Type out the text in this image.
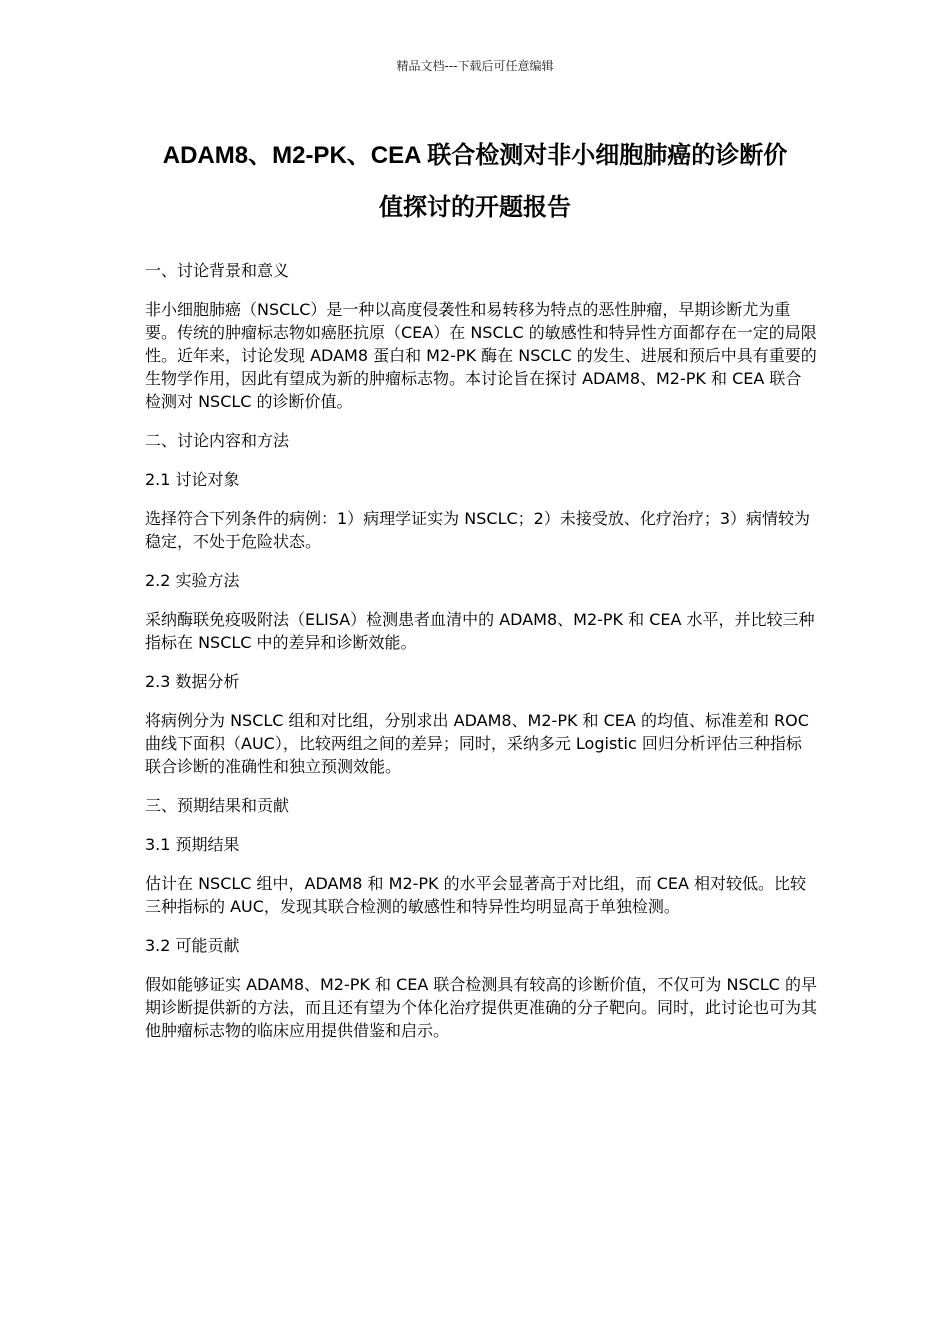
精品文档---下载后可任意编辑
ADAM8、M2-PK、CEA 联合检测对非小细胞肺癌的诊断价
值探讨的开题报告

一、讨论背景和意义

非小细胞肺癌（NSCLC）是一种以高度侵袭性和易转移为特点的恶性肿瘤，早期诊断尤为重要。传统的肿瘤标志物如癌胚抗原（CEA）在 NSCLC 的敏感性和特异性方面都存在一定的局限性。近年来，讨论发现 ADAM8 蛋白和 M2-PK 酶在 NSCLC 的发生、进展和预后中具有重要的生物学作用，因此有望成为新的肿瘤标志物。本讨论旨在探讨 ADAM8、M2-PK 和 CEA 联合检测对 NSCLC 的诊断价值。

二、讨论内容和方法

2.1 讨论对象

选择符合下列条件的病例：1）病理学证实为 NSCLC；2）未接受放、化疗治疗；3）病情较为稳定，不处于危险状态。

2.2 实验方法

采纳酶联免疫吸附法（ELISA）检测患者血清中的 ADAM8、M2-PK 和 CEA 水平，并比较三种指标在 NSCLC 中的差异和诊断效能。

2.3 数据分析

将病例分为 NSCLC 组和对比组，分别求出 ADAM8、M2-PK 和 CEA 的均值、标准差和 ROC 曲线下面积（AUC），比较两组之间的差异；同时，采纳多元 Logistic 回归分析评估三种指标联合诊断的准确性和独立预测效能。

三、预期结果和贡献

3.1 预期结果

估计在 NSCLC 组中，ADAM8 和 M2-PK 的水平会显著高于对比组，而 CEA 相对较低。比较三种指标的 AUC，发现其联合检测的敏感性和特异性均明显高于单独检测。

3.2 可能贡献

假如能够证实 ADAM8、M2-PK 和 CEA 联合检测具有较高的诊断价值，不仅可为 NSCLC 的早期诊断提供新的方法，而且还有望为个体化治疗提供更准确的分子靶向。同时，此讨论也可为其他肿瘤标志物的临床应用提供借鉴和启示。
